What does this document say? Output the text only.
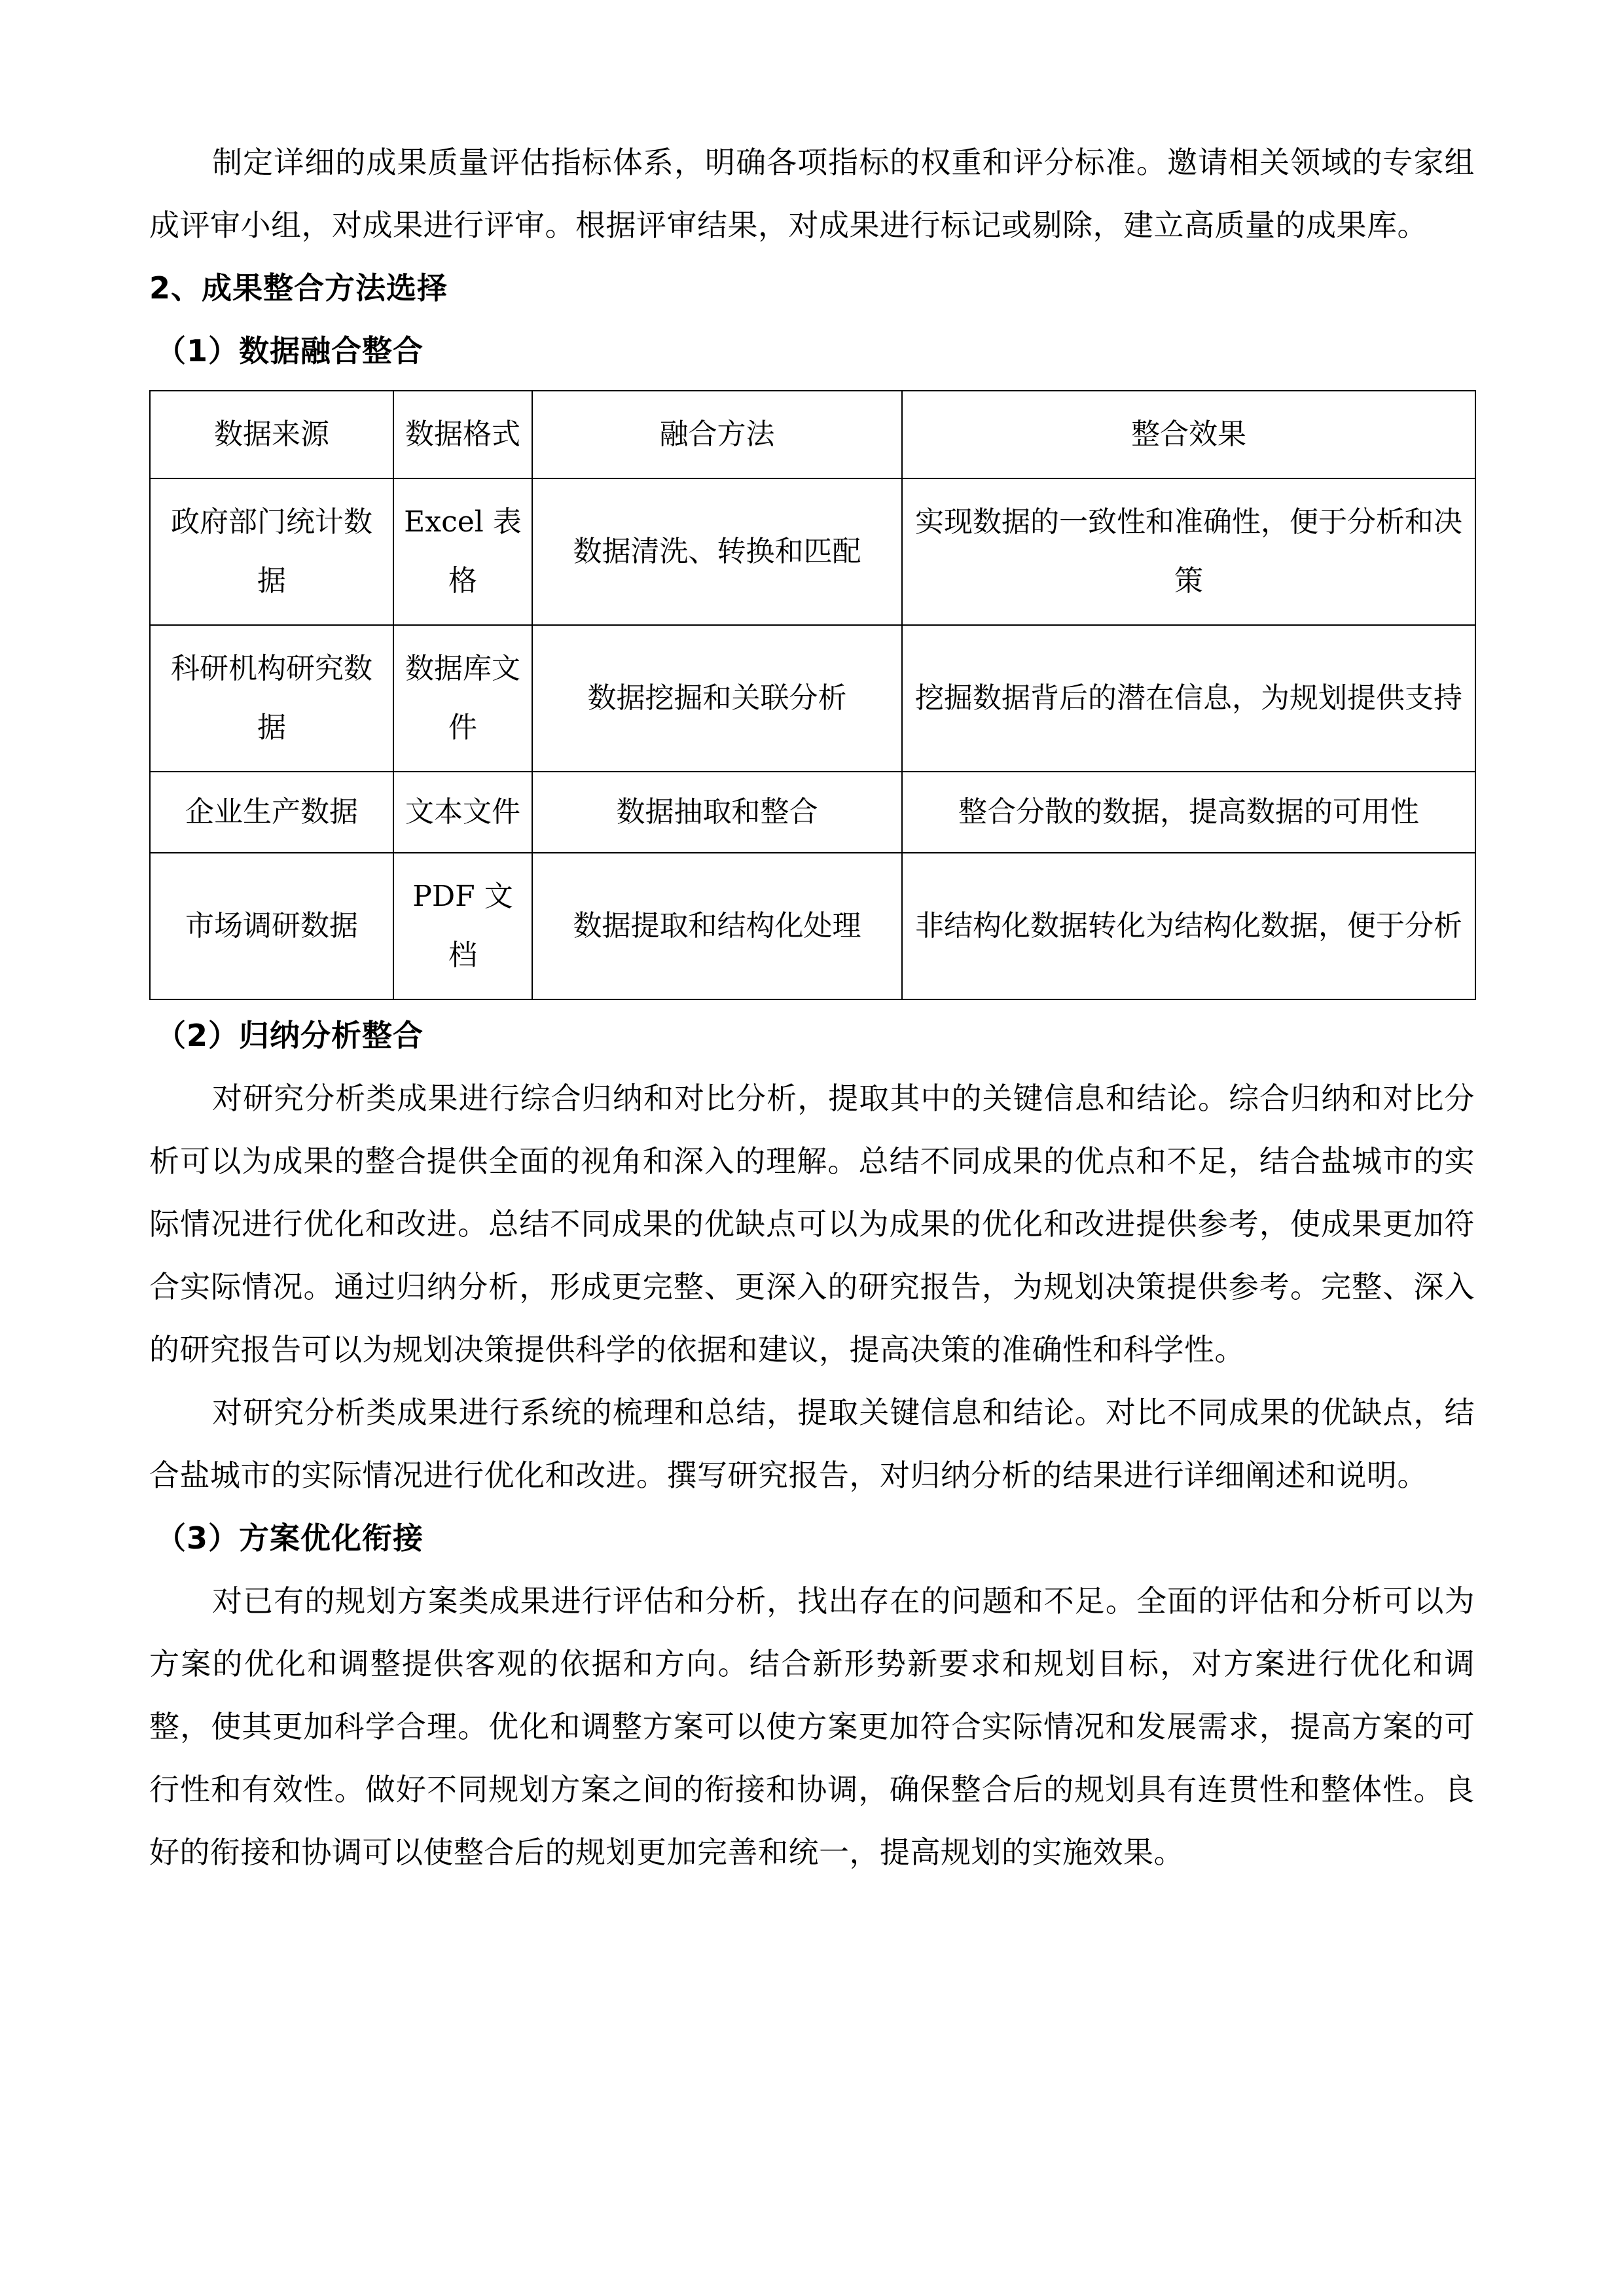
制定详细的成果质量评估指标体系，明确各项指标的权重和评分标准。邀请相关领域的专家组成评审小组，对成果进行评审。根据评审结果，对成果进行标记或剔除，建立高质量的成果库。

2、成果整合方法选择
（1）数据融合整合
数据来源	数据格式	融合方法	整合效果
政府部门统计数据	Excel 表格	数据清洗、转换和匹配	实现数据的一致性和准确性，便于分析和决策
科研机构研究数据	数据库文件	数据挖掘和关联分析	挖掘数据背后的潜在信息，为规划提供支持
企业生产数据	文本文件	数据抽取和整合	整合分散的数据，提高数据的可用性
市场调研数据	PDF 文档	数据提取和结构化处理	非结构化数据转化为结构化数据，便于分析
（2）归纳分析整合

对研究分析类成果进行综合归纳和对比分析，提取其中的关键信息和结论。综合归纳和对比分析可以为成果的整合提供全面的视角和深入的理解。总结不同成果的优点和不足，结合盐城市的实际情况进行优化和改进。总结不同成果的优缺点可以为成果的优化和改进提供参考，使成果更加符合实际情况。通过归纳分析，形成更完整、更深入的研究报告，为规划决策提供参考。完整、深入的研究报告可以为规划决策提供科学的依据和建议，提高决策的准确性和科学性。

对研究分析类成果进行系统的梳理和总结，提取关键信息和结论。对比不同成果的优缺点，结合盐城市的实际情况进行优化和改进。撰写研究报告，对归纳分析的结果进行详细阐述和说明。

（3）方案优化衔接

对已有的规划方案类成果进行评估和分析，找出存在的问题和不足。全面的评估和分析可以为方案的优化和调整提供客观的依据和方向。结合新形势新要求和规划目标，对方案进行优化和调整，使其更加科学合理。优化和调整方案可以使方案更加符合实际情况和发展需求，提高方案的可行性和有效性。做好不同规划方案之间的衔接和协调，确保整合后的规划具有连贯性和整体性。良好的衔接和协调可以使整合后的规划更加完善和统一，提高规划的实施效果。
